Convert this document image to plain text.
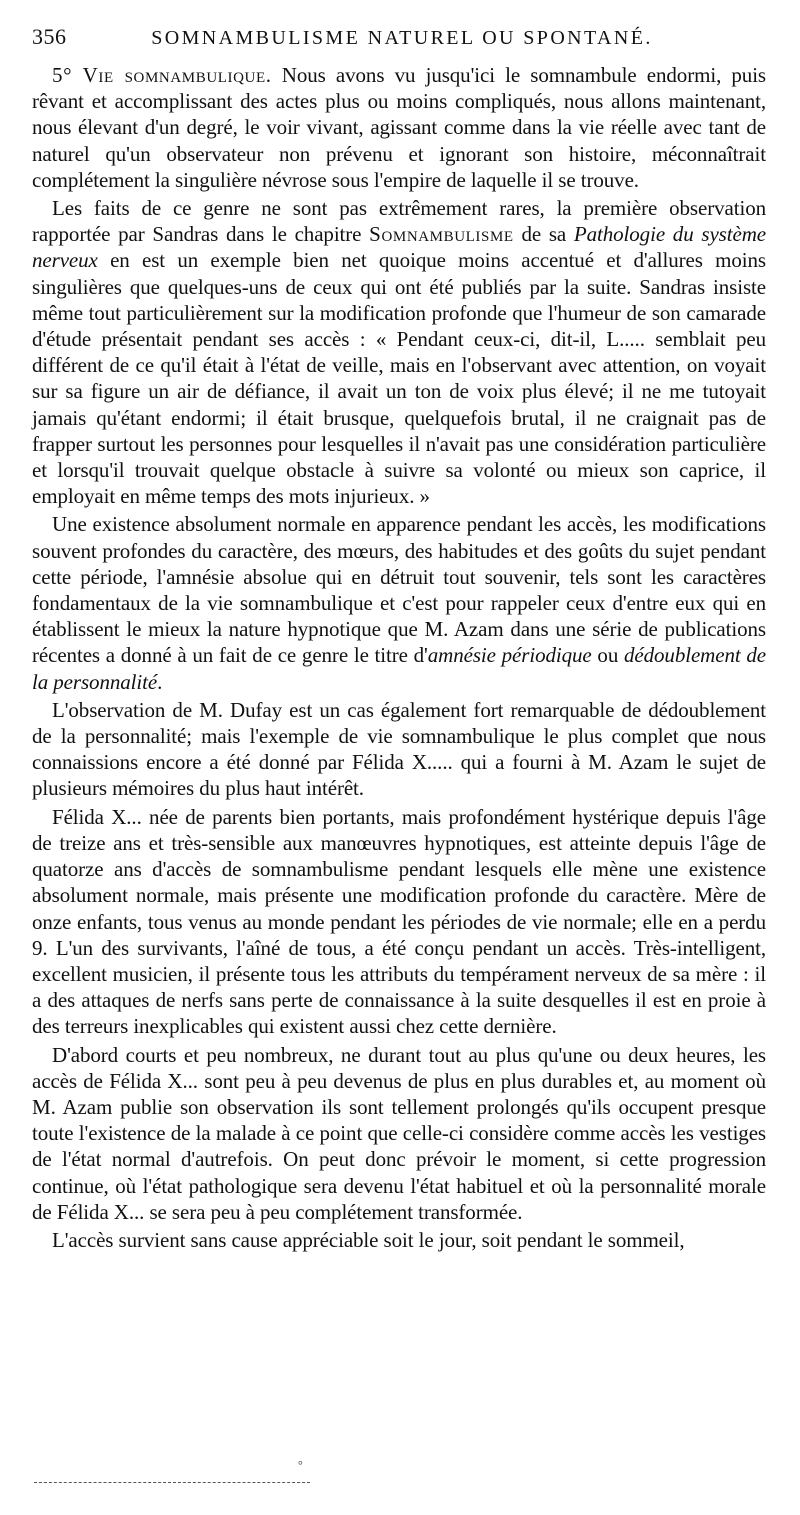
356	SOMNAMBULISME NATUREL OU SPONTANÉ.

5° Vie somnambulique. Nous avons vu jusqu'ici le somnambule endormi, puis rêvant et accomplissant des actes plus ou moins compliqués, nous allons maintenant, nous élevant d'un degré, le voir vivant, agissant comme dans la vie réelle avec tant de naturel qu'un observateur non prévenu et ignorant son histoire, méconnaîtrait complétement la singulière névrose sous l'empire de laquelle il se trouve.

Les faits de ce genre ne sont pas extrêmement rares, la première observation rapportée par Sandras dans le chapitre Somnambulisme de sa Pathologie du système nerveux en est un exemple bien net quoique moins accentué et d'allures moins singulières que quelques-uns de ceux qui ont été publiés par la suite. Sandras insiste même tout particulièrement sur la modification profonde que l'humeur de son camarade d'étude présentait pendant ses accès : « Pendant ceux-ci, dit-il, L..... semblait peu différent de ce qu'il était à l'état de veille, mais en l'observant avec attention, on voyait sur sa figure un air de défiance, il avait un ton de voix plus élevé; il ne me tutoyait jamais qu'étant endormi; il était brusque, quelquefois brutal, il ne craignait pas de frapper surtout les personnes pour lesquelles il n'avait pas une considération particulière et lorsqu'il trouvait quelque obstacle à suivre sa volonté ou mieux son caprice, il employait en même temps des mots injurieux. »

Une existence absolument normale en apparence pendant les accès, les modifications souvent profondes du caractère, des mœurs, des habitudes et des goûts du sujet pendant cette période, l'amnésie absolue qui en détruit tout souvenir, tels sont les caractères fondamentaux de la vie somnambulique et c'est pour rappeler ceux d'entre eux qui en établissent le mieux la nature hypnotique que M. Azam dans une série de publications récentes a donné à un fait de ce genre le titre d'amnésie périodique ou dédoublement de la personnalité.

L'observation de M. Dufay est un cas également fort remarquable de dédoublement de la personnalité; mais l'exemple de vie somnambulique le plus complet que nous connaissions encore a été donné par Félida X..... qui a fourni à M. Azam le sujet de plusieurs mémoires du plus haut intérêt.

Félida X... née de parents bien portants, mais profondément hystérique depuis l'âge de treize ans et très-sensible aux manœuvres hypnotiques, est atteinte depuis l'âge de quatorze ans d'accès de somnambulisme pendant lesquels elle mène une existence absolument normale, mais présente une modification profonde du caractère. Mère de onze enfants, tous venus au monde pendant les périodes de vie normale; elle en a perdu 9. L'un des survivants, l'aîné de tous, a été conçu pendant un accès. Très-intelligent, excellent musicien, il présente tous les attributs du tempérament nerveux de sa mère : il a des attaques de nerfs sans perte de connaissance à la suite desquelles il est en proie à des terreurs inexplicables qui existent aussi chez cette dernière.

D'abord courts et peu nombreux, ne durant tout au plus qu'une ou deux heures, les accès de Félida X... sont peu à peu devenus de plus en plus durables et, au moment où M. Azam publie son observation ils sont tellement prolongés qu'ils occupent presque toute l'existence de la malade à ce point que celle-ci considère comme accès les vestiges de l'état normal d'autrefois. On peut donc prévoir le moment, si cette progression continue, où l'état pathologique sera devenu l'état habituel et où la personnalité morale de Félida X... se sera peu à peu complétement transformée.

L'accès survient sans cause appréciable soit le jour, soit pendant le sommeil,

°
